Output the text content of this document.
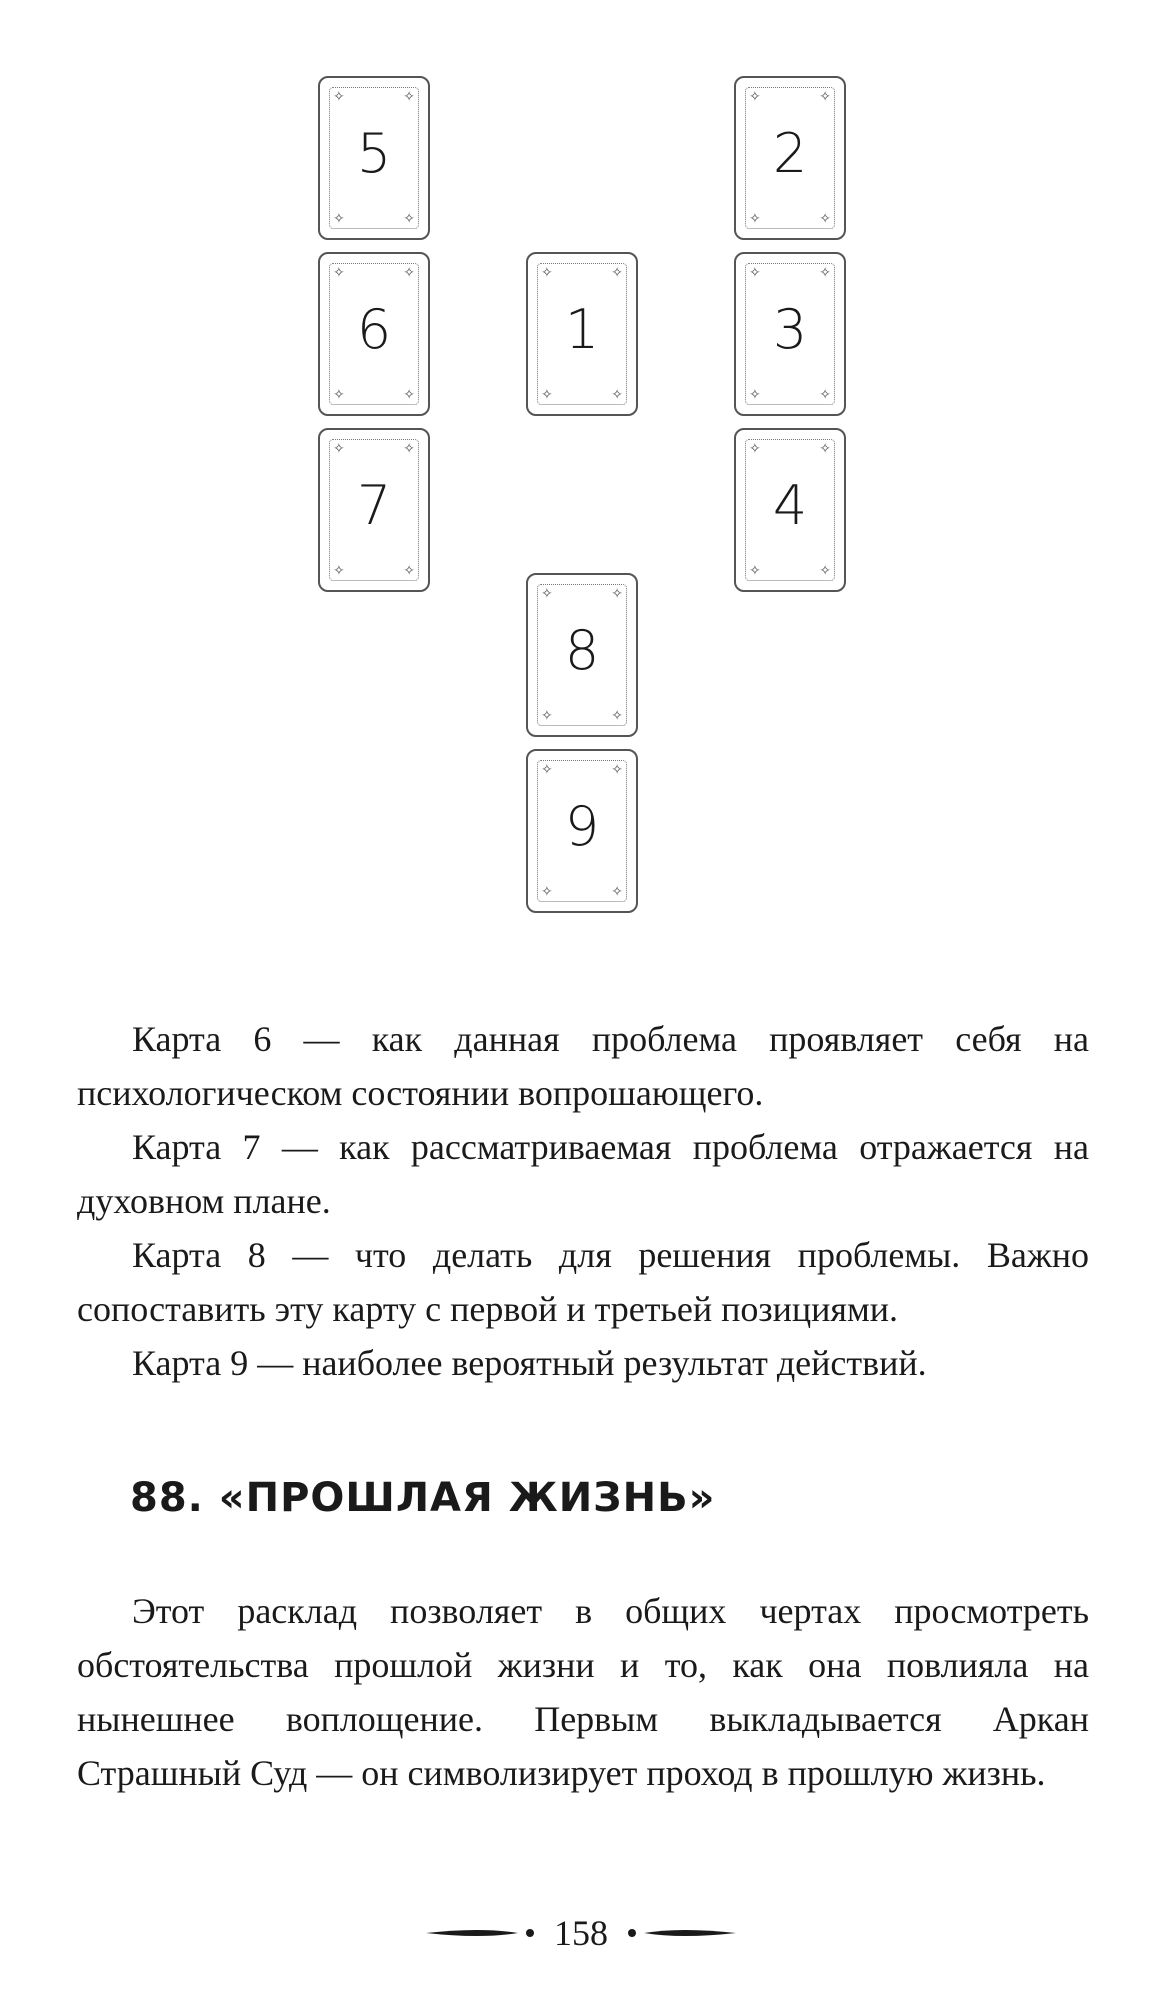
✧	✧
✧	✧
5
✧	✧
✧	✧
2
✧	✧
✧	✧
6
✧	✧
✧	✧
1
✧	✧
✧	✧
3
✧	✧
✧	✧
7
✧	✧
✧	✧
4
✧	✧
✧	✧
8
✧	✧
✧	✧
9

Карта 6 — как данная проблема проявляет себя на психологическом состоянии вопрошающего.

Карта 7 — как рассматриваемая проблема отражается на духовном плане.

Карта 8 — что делать для решения проблемы. Важно сопоставить эту карту с первой и третьей позициями.

Карта 9 — наиболее вероятный результат действий.

88. «ПРОШЛАЯ ЖИЗНЬ»

Этот расклад позволяет в общих чертах просмотреть обстоятельства прошлой жизни и то, как она повлияла на нынешнее воплощение. Первым выкладывается Аркан Страшный Суд — он символизирует проход в прошлую жизнь.

158
